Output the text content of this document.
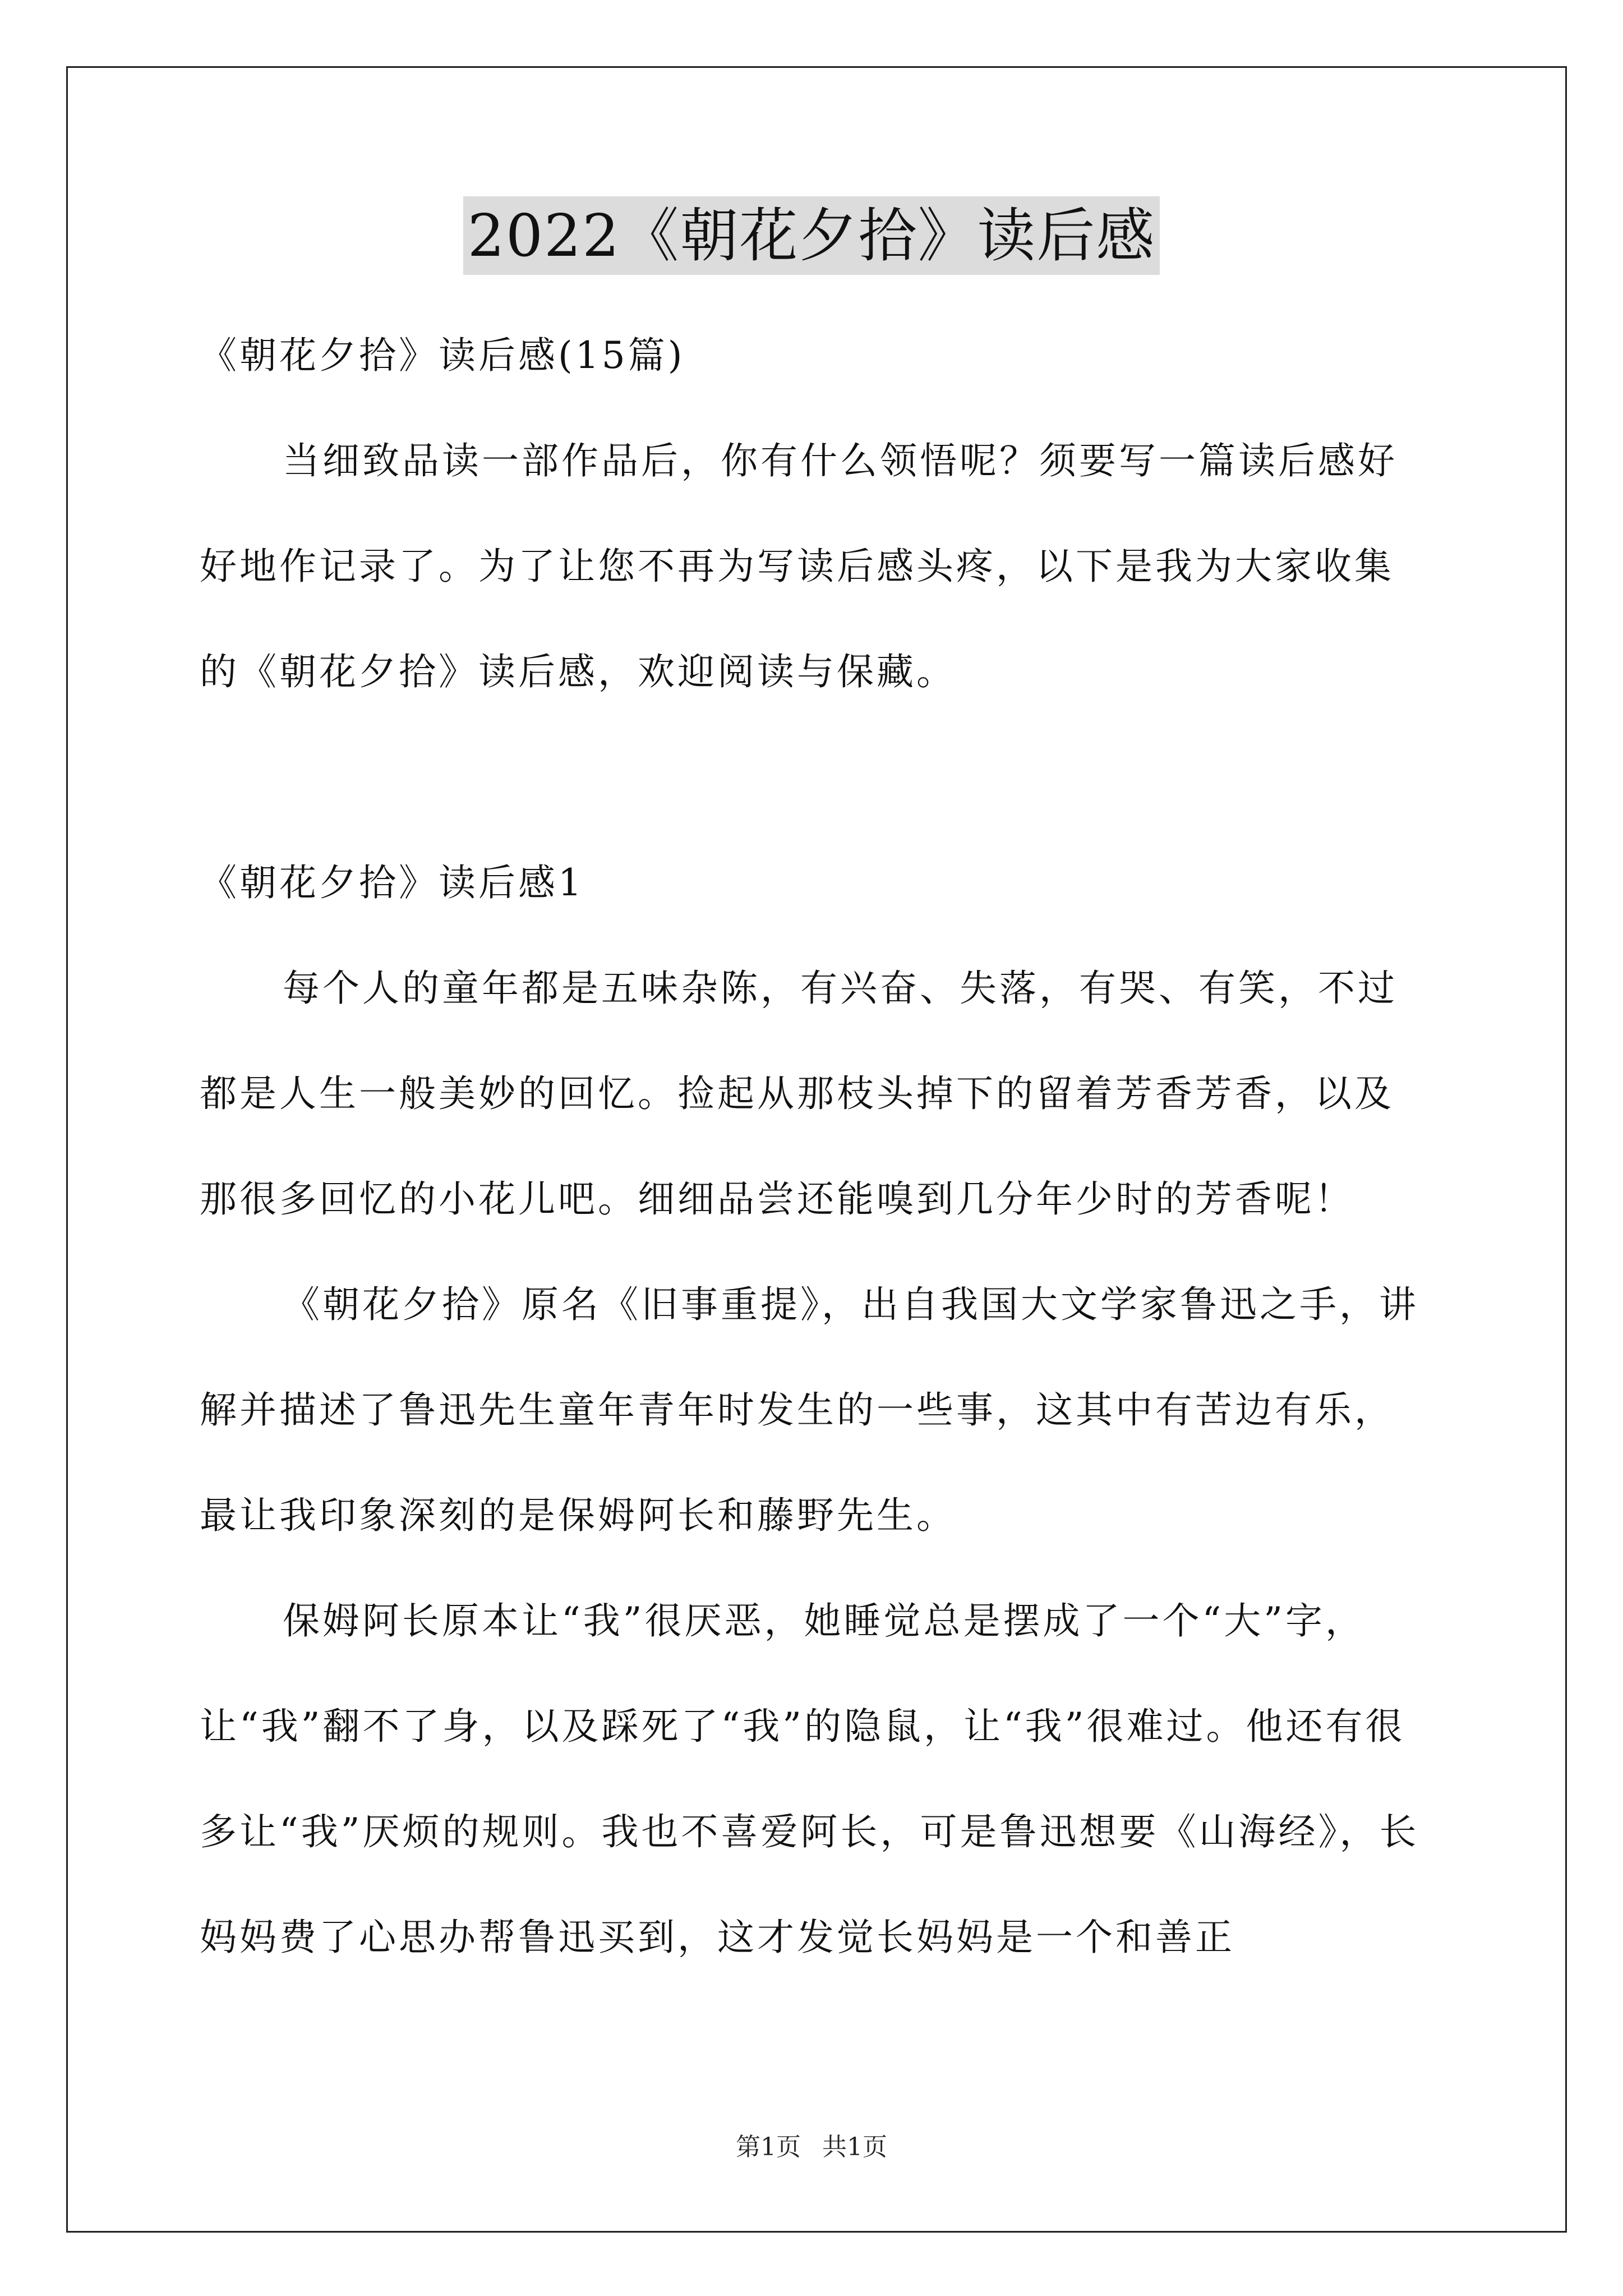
2022《朝花夕拾》读后感

《朝花夕拾》读后感(15篇)

当细致品读一部作品后，你有什么领悟呢？须要写一篇读后感好好地作记录了。为了让您不再为写读后感头疼，以下是我为大家收集的《朝花夕拾》读后感，欢迎阅读与保藏。

《朝花夕拾》读后感1

每个人的童年都是五味杂陈，有兴奋、失落，有哭、有笑，不过都是人生一般美妙的回忆。捡起从那枝头掉下的留着芳香芳香，以及那很多回忆的小花儿吧。细细品尝还能嗅到几分年少时的芳香呢！

《朝花夕拾》原名《旧事重提》，出自我国大文学家鲁迅之手，讲解并描述了鲁迅先生童年青年时发生的一些事，这其中有苦边有乐，最让我印象深刻的是保姆阿长和藤野先生。

保姆阿长原本让“我”很厌恶，她睡觉总是摆成了一个“大”字，让“我”翻不了身，以及踩死了“我”的隐鼠，让“我”很难过。他还有很多让“我”厌烦的规则。我也不喜爱阿长，可是鲁迅想要《山海经》，长妈妈费了心思办帮鲁迅买到，这才发觉长妈妈是一个和善正

第1页 共1页
